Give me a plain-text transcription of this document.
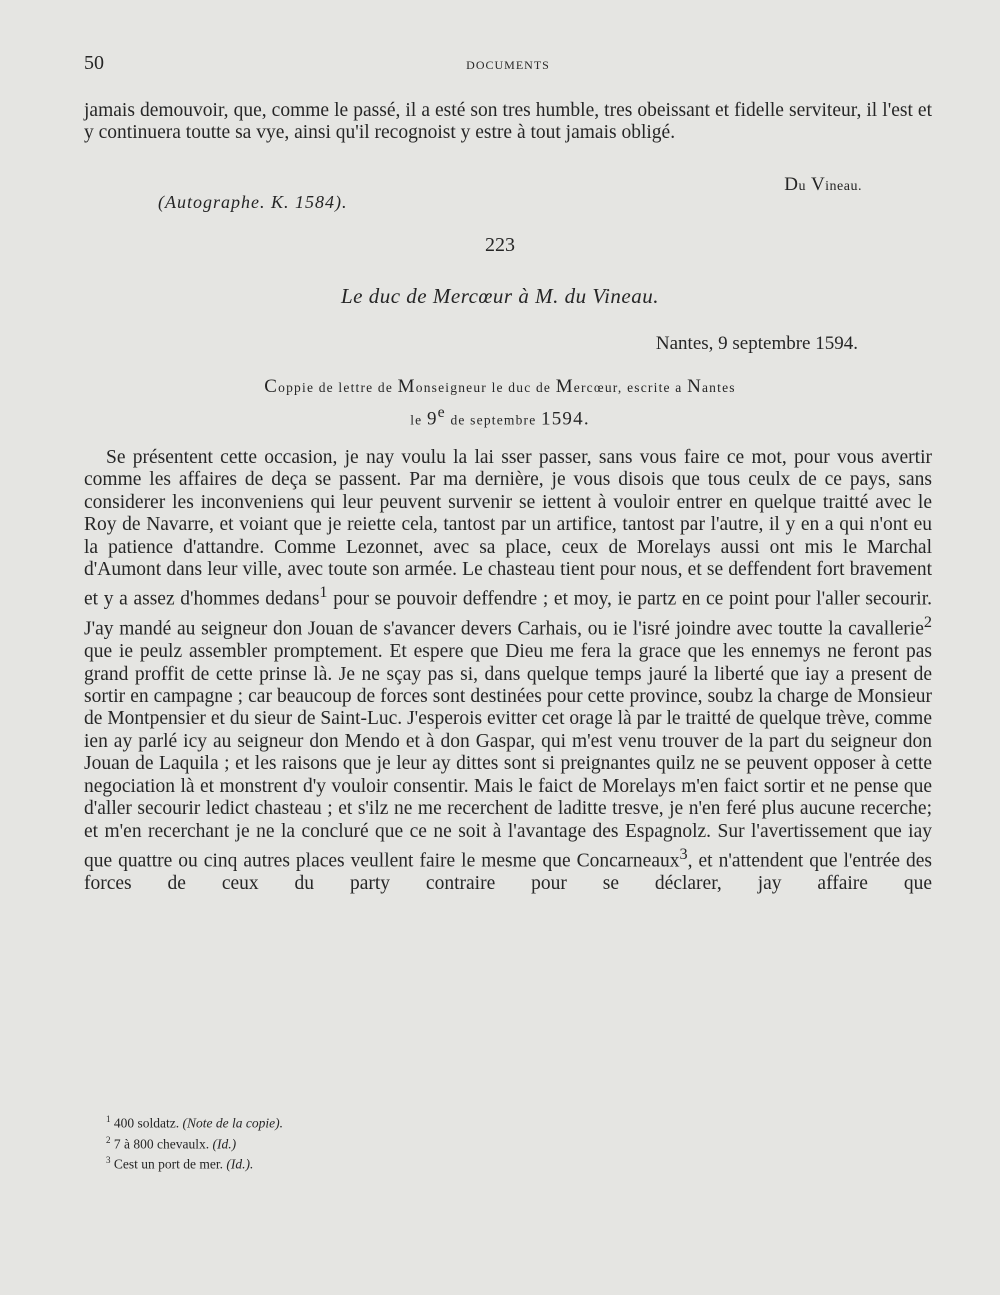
50	DOCUMENTS

jamais demouvoir, que, comme le passé, il a esté son tres humble, tres obeissant et fidelle serviteur, il l'est et y continuera toutte sa vye, ainsi qu'il recognoist y estre à tout jamais obligé.

Du Vineau.
(Autographe. K. 1584).
223
Le duc de Mercœur à M. du Vineau.
Nantes, 9 septembre 1594.
Coppie de lettre de Monseigneur le duc de Mercœur, escrite a Nantes
le 9e de septembre 1594.

Se présentent cette occasion, je nay voulu la lai sser passer, sans vous faire ce mot, pour vous avertir comme les affaires de deça se passent. Par ma dernière, je vous disois que tous ceulx de ce pays, sans considerer les inconveniens qui leur peuvent survenir se iettent à vouloir entrer en quelque traitté avec le Roy de Navarre, et voiant que je reiette cela, tantost par un artifice, tantost par l'autre, il y en a qui n'ont eu la patience d'attandre. Comme Lezonnet, avec sa place, ceux de Morelays aussi ont mis le Marchal d'Aumont dans leur ville, avec toute son armée. Le chasteau tient pour nous, et se deffendent fort bravement et y a assez d'hommes dedans$^1$ pour se pouvoir deffendre ; et moy, ie partz en ce point pour l'aller secourir. J'ay mandé au seigneur don Jouan de s'avancer devers Carhais, ou ie l'isré joindre avec toutte la cavallerie$^2$ que ie peulz assembler promptement. Et espere que Dieu me fera la grace que les ennemys ne feront pas grand proffit de cette prinse là. Je ne sçay pas si, dans quelque temps jauré la liberté que iay a present de sortir en campagne ; car beaucoup de forces sont destinées pour cette province, soubz la charge de Monsieur de Montpensier et du sieur de Saint-Luc. J'esperois evitter cet orage là par le traitté de quelque trève, comme ien ay parlé icy au seigneur don Mendo et à don Gaspar, qui m'est venu trouver de la part du seigneur don Jouan de Laquila ; et les raisons que je leur ay dittes sont si preignantes quilz ne se peuvent opposer à cette negociation là et monstrent d'y vouloir consentir. Mais le faict de Morelays m'en faict sortir et ne pense que d'aller secourir ledict chasteau ; et s'ilz ne me recerchent de laditte tresve, je n'en feré plus aucune recerche; et m'en recerchant je ne la concluré que ce ne soit à l'avantage des Espagnolz. Sur l'avertissement que iay que quattre ou cinq autres places veullent faire le mesme que Concarneaux$^3$, et n'attendent que l'entrée des forces de ceux du party contraire pour se déclarer, jay affaire que

$^1$ 400 soldatz. (Note de la copie).
$^2$ 7 à 800 chevaulx. (Id.)
$^3$ Cest un port de mer. (Id.).
